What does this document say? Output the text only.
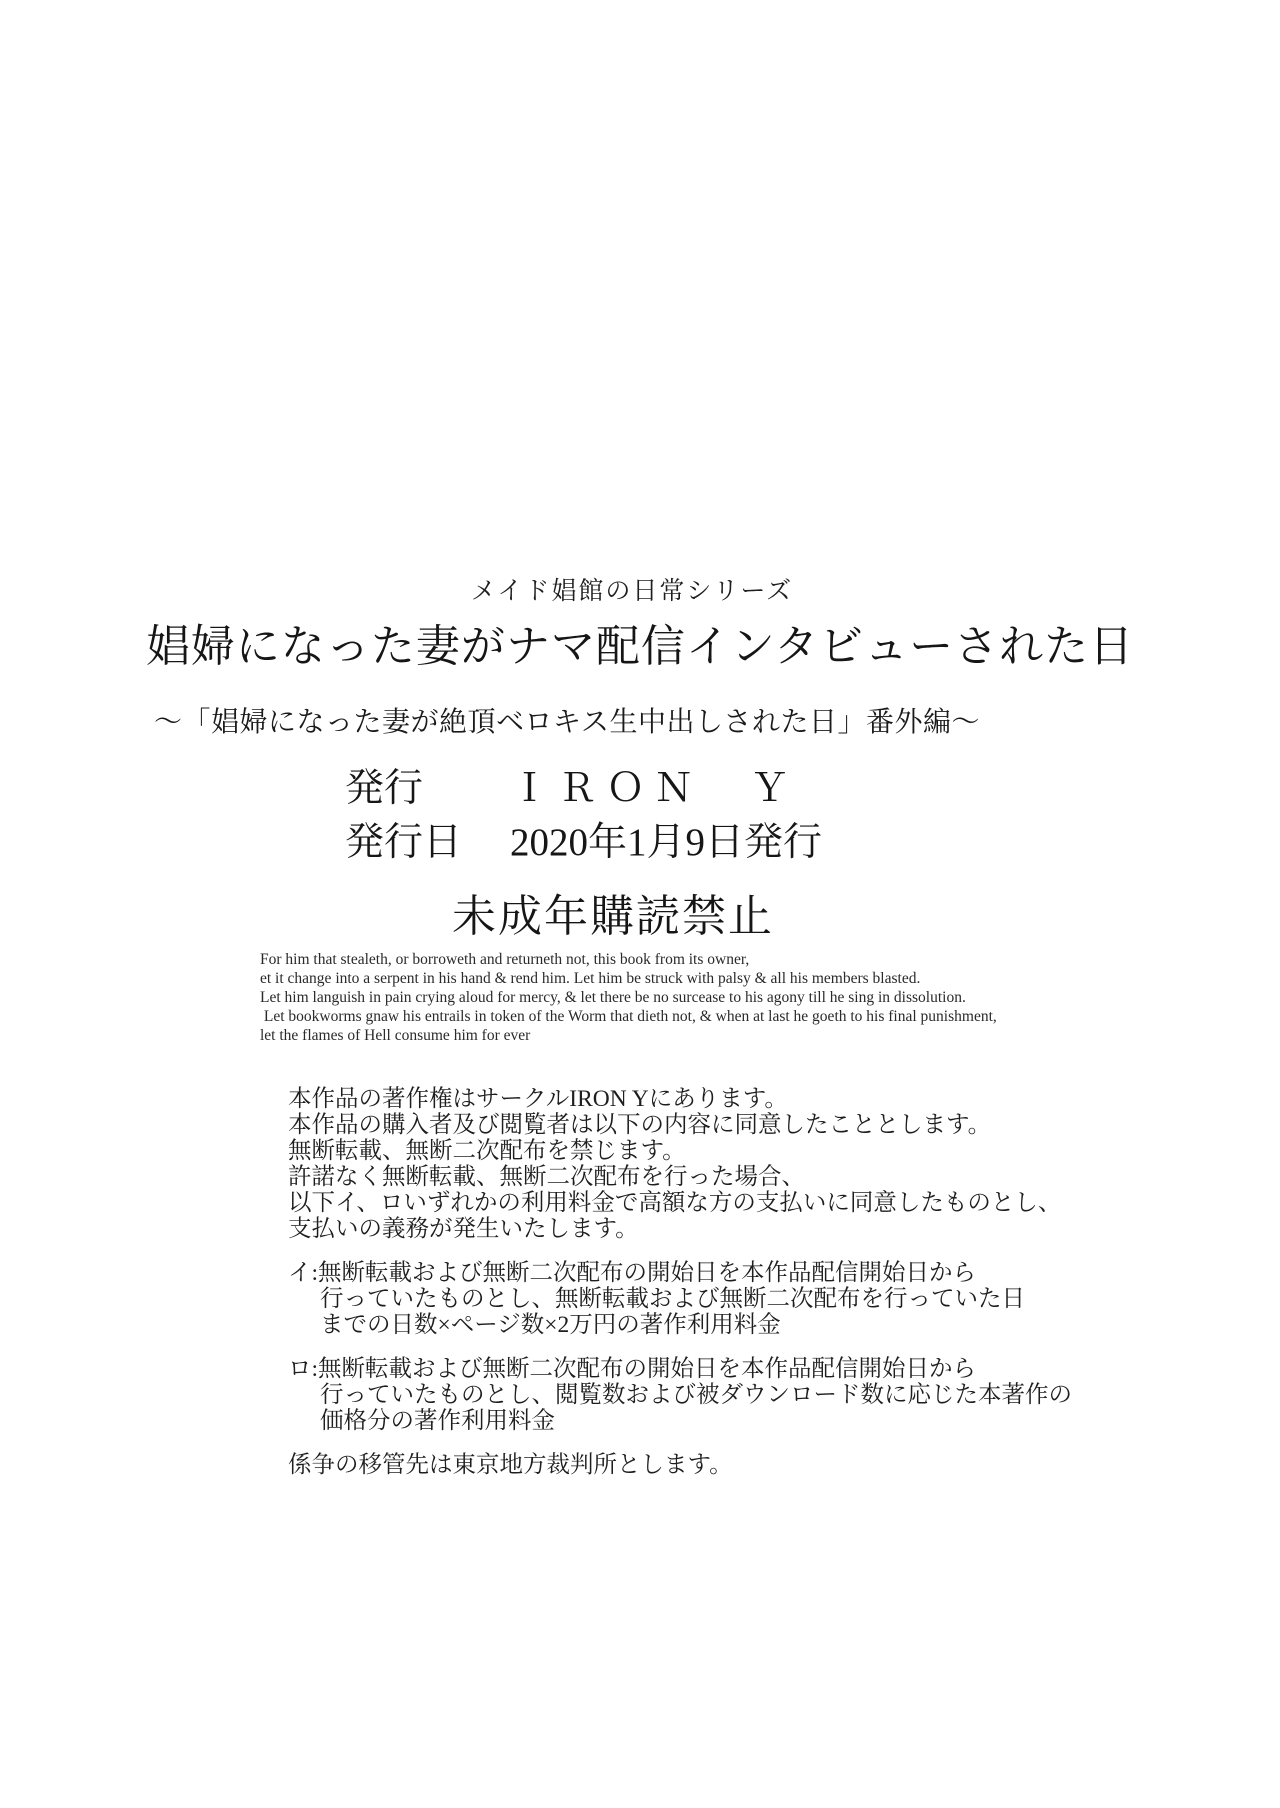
メイド娼館の日常シリーズ
娼婦になった妻がナマ配信インタビューされた日
〜「娼婦になった妻が絶頂ベロキス生中出しされた日」番外編〜
発行 ＩＲＯＮ　Ｙ
発行日 2020年1月9日発行
未成年購読禁止
For him that stealeth, or borroweth and returneth not, this book from its owner,
et it change into a serpent in his hand & rend him. Let him be struck with palsy & all his members blasted.
Let him languish in pain crying aloud for mercy, & let there be no surcease to his agony till he sing in dissolution.
Let bookworms gnaw his entrails in token of the Worm that dieth not, & when at last he goeth to his final punishment,
let the flames of Hell consume him for ever
本作品の著作権はサークルIRON Yにあります。
本作品の購入者及び閲覧者は以下の内容に同意したこととします。
無断転載、無断二次配布を禁じます。
許諾なく無断転載、無断二次配布を行った場合、
以下イ、ロいずれかの利用料金で高額な方の支払いに同意したものとし、
支払いの義務が発生いたします。
イ:無断転載および無断二次配布の開始日を本作品配信開始日から
行っていたものとし、無断転載および無断二次配布を行っていた日
までの日数×ページ数×2万円の著作利用料金
ロ:無断転載および無断二次配布の開始日を本作品配信開始日から
行っていたものとし、閲覧数および被ダウンロード数に応じた本著作の
価格分の著作利用料金
係争の移管先は東京地方裁判所とします。
